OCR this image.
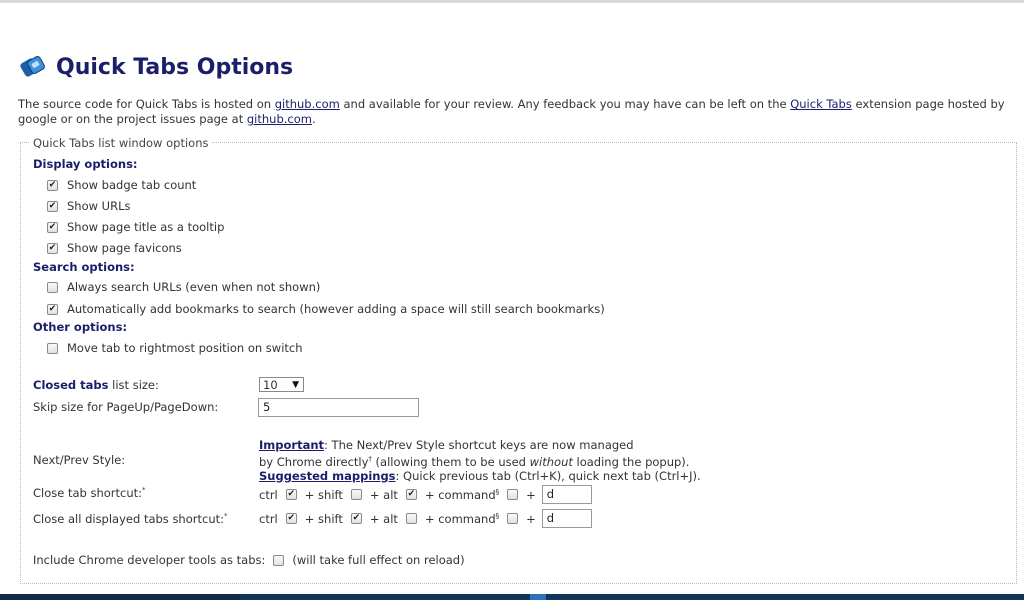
Quick Tabs Options
The source code for Quick Tabs is hosted on github.com and available for your review. Any feedback you may have can be left on the Quick Tabs extension page hosted by google or on the project issues page at github.com.
Quick Tabs list window options
Display options:
✔ Show badge tab count
✔ Show URLs
✔ Show page title as a tooltip
✔ Show page favicons
Search options:
Always search URLs (even when not shown)
✔ Automatically add bookmarks to search (however adding a space will still search bookmarks)
Other options:
Move tab to rightmost position on switch
Closed tabs list size:	10 ▼
Skip size for PageUp/PageDown:	5
Next/Prev Style:
Important: The Next/Prev Style shortcut keys are now managed
by Chrome directly† (allowing them to be used without loading the popup).
Suggested mappings: Quick previous tab (Ctrl+K), quick next tab (Ctrl+J).
Close tab shortcut:*	ctrl ✔ + shift + alt ✔ + command§ + d
Close all displayed tabs shortcut:*	ctrl ✔ + shift ✔ + alt + command§ + d
Include Chrome developer tools as tabs: (will take full effect on reload)
